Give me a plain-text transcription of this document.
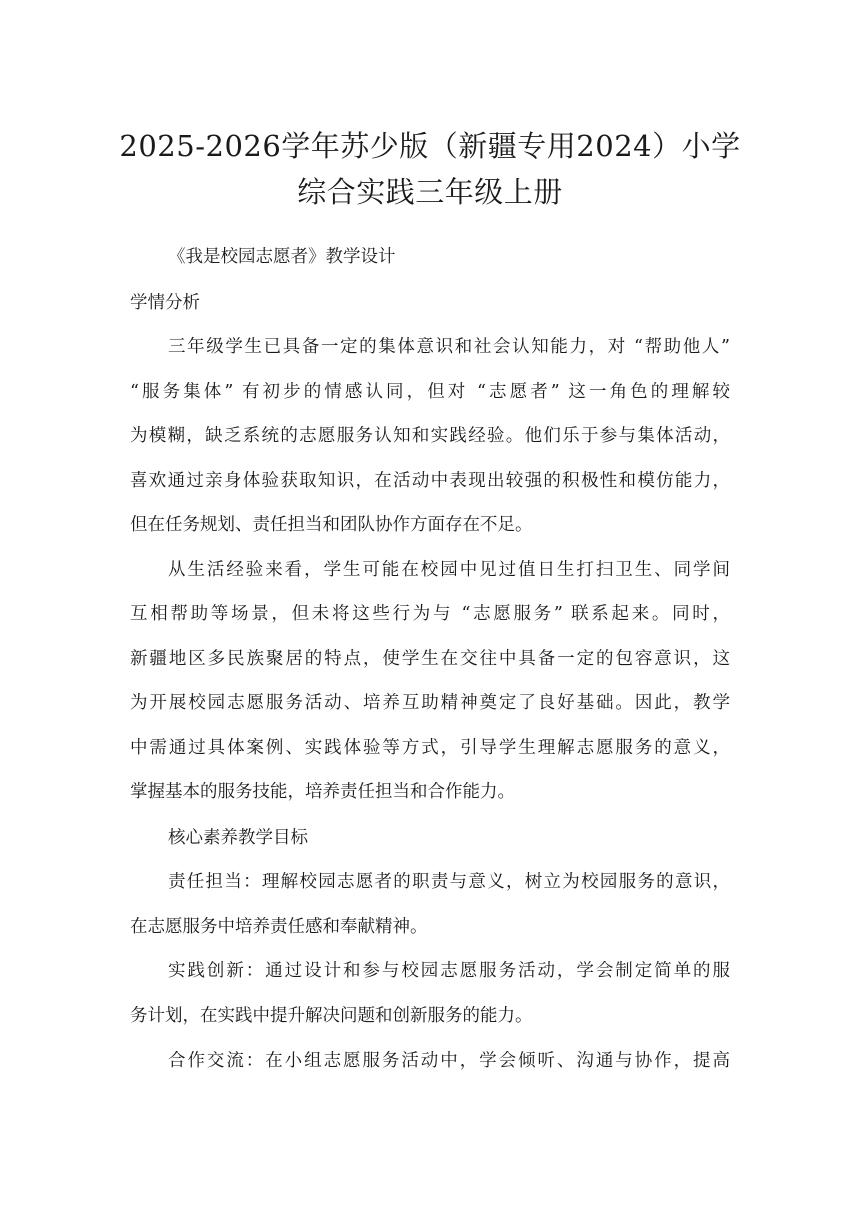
2025-2026学年苏少版（新疆专用2024）小学
综合实践三年级上册

《我是校园志愿者》教学设计

学情分析

三年级学生已具备一定的集体意识和社会认知能力，对 “帮助他人”

“服务集体” 有初步的情感认同，但对 “志愿者” 这一角色的理解较

为模糊，缺乏系统的志愿服务认知和实践经验。他们乐于参与集体活动，

喜欢通过亲身体验获取知识，在活动中表现出较强的积极性和模仿能力，

但在任务规划、责任担当和团队协作方面存在不足。

从生活经验来看，学生可能在校园中见过值日生打扫卫生、同学间

互相帮助等场景，但未将这些行为与 “志愿服务” 联系起来。同时，

新疆地区多民族聚居的特点，使学生在交往中具备一定的包容意识，这

为开展校园志愿服务活动、培养互助精神奠定了良好基础。因此，教学

中需通过具体案例、实践体验等方式，引导学生理解志愿服务的意义，

掌握基本的服务技能，培养责任担当和合作能力。

核心素养教学目标

责任担当：理解校园志愿者的职责与意义，树立为校园服务的意识，

在志愿服务中培养责任感和奉献精神。

实践创新：通过设计和参与校园志愿服务活动，学会制定简单的服

务计划，在实践中提升解决问题和创新服务的能力。

合作交流：在小组志愿服务活动中，学会倾听、沟通与协作，提高
